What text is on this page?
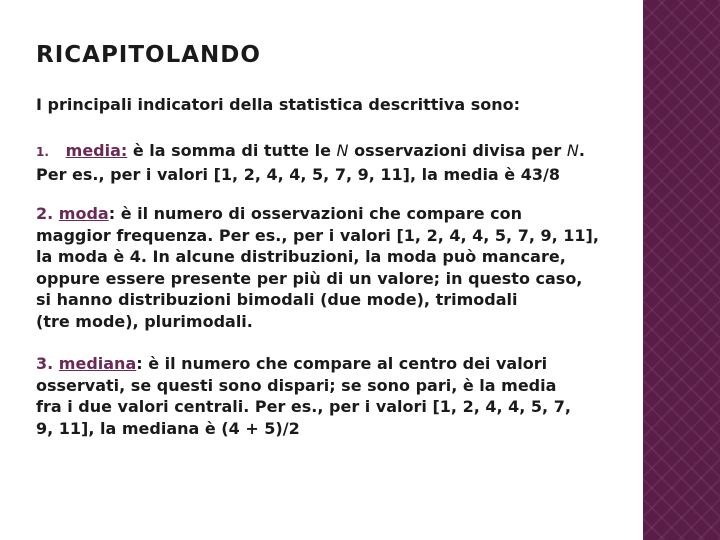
RICAPITOLANDO
I principali indicatori della statistica descrittiva sono:
1. media: è la somma di tutte le N osservazioni divisa per N.
Per es., per i valori [1, 2, 4, 4, 5, 7, 9, 11], la media è 43/8
2. moda: è il numero di osservazioni che compare con
maggior frequenza. Per es., per i valori [1, 2, 4, 4, 5, 7, 9, 11],
la moda è 4. In alcune distribuzioni, la moda può mancare,
oppure essere presente per più di un valore; in questo caso,
si hanno distribuzioni bimodali (due mode), trimodali
(tre mode), plurimodali.
3. mediana: è il numero che compare al centro dei valori
osservati, se questi sono dispari; se sono pari, è la media
fra i due valori centrali. Per es., per i valori [1, 2, 4, 4, 5, 7,
9, 11], la mediana è (4 + 5)/2
